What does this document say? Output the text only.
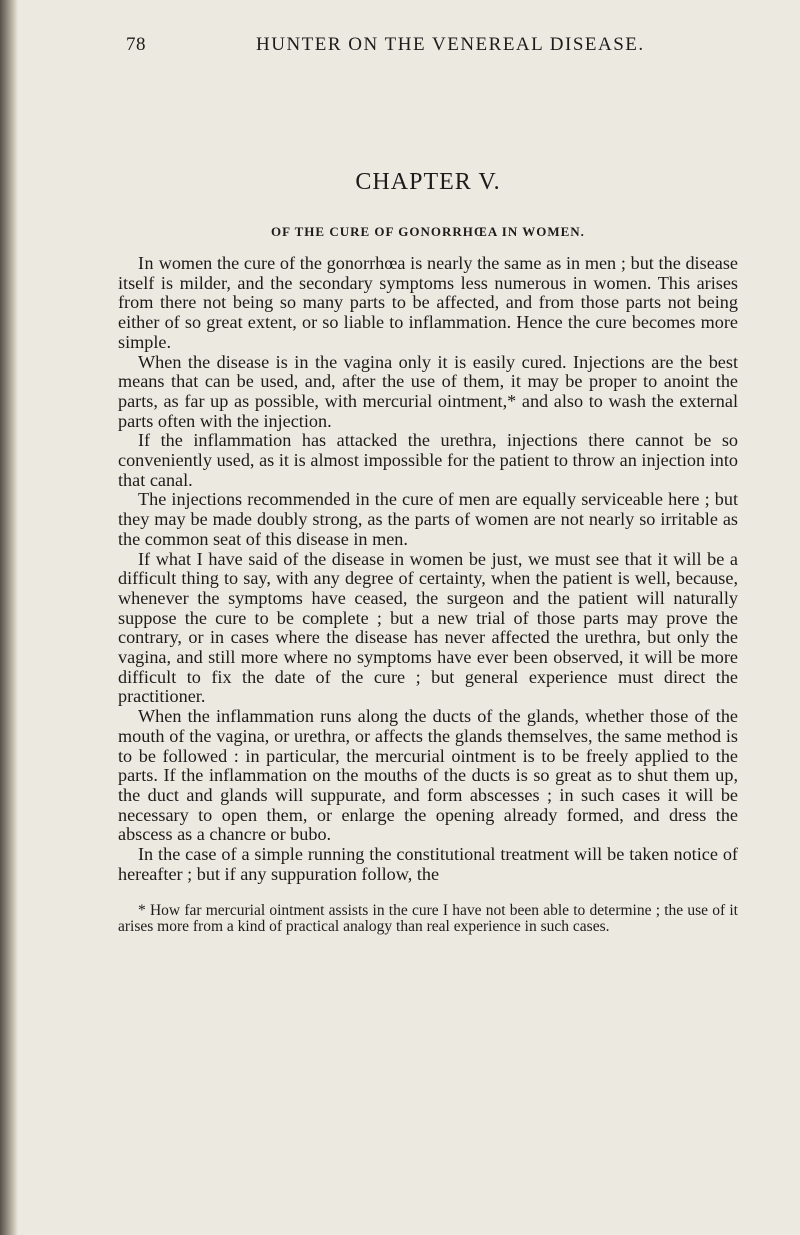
78	HUNTER ON THE VENEREAL DISEASE.
CHAPTER V.
OF THE CURE OF GONORRHŒA IN WOMEN.

In women the cure of the gonorrhœa is nearly the same as in men ; but the disease itself is milder, and the secondary symptoms less numerous in women. This arises from there not being so many parts to be affected, and from those parts not being either of so great extent, or so liable to inflammation. Hence the cure becomes more simple.

When the disease is in the vagina only it is easily cured. Injections are the best means that can be used, and, after the use of them, it may be proper to anoint the parts, as far up as possible, with mercurial ointment,* and also to wash the external parts often with the injection.

If the inflammation has attacked the urethra, injections there cannot be so conveniently used, as it is almost impossible for the patient to throw an injection into that canal.

The injections recommended in the cure of men are equally serviceable here ; but they may be made doubly strong, as the parts of women are not nearly so irritable as the common seat of this disease in men.

If what I have said of the disease in women be just, we must see that it will be a difficult thing to say, with any degree of certainty, when the patient is well, because, whenever the symptoms have ceased, the surgeon and the patient will naturally suppose the cure to be complete ; but a new trial of those parts may prove the contrary, or in cases where the disease has never affected the urethra, but only the vagina, and still more where no symptoms have ever been observed, it will be more difficult to fix the date of the cure ; but general experience must direct the practitioner.

When the inflammation runs along the ducts of the glands, whether those of the mouth of the vagina, or urethra, or affects the glands themselves, the same method is to be followed : in particular, the mercurial ointment is to be freely applied to the parts. If the inflammation on the mouths of the ducts is so great as to shut them up, the duct and glands will suppurate, and form abscesses ; in such cases it will be necessary to open them, or enlarge the opening already formed, and dress the abscess as a chancre or bubo.

In the case of a simple running the constitutional treatment will be taken notice of hereafter ; but if any suppuration follow, the

* How far mercurial ointment assists in the cure I have not been able to determine ; the use of it arises more from a kind of practical analogy than real experience in such cases.
